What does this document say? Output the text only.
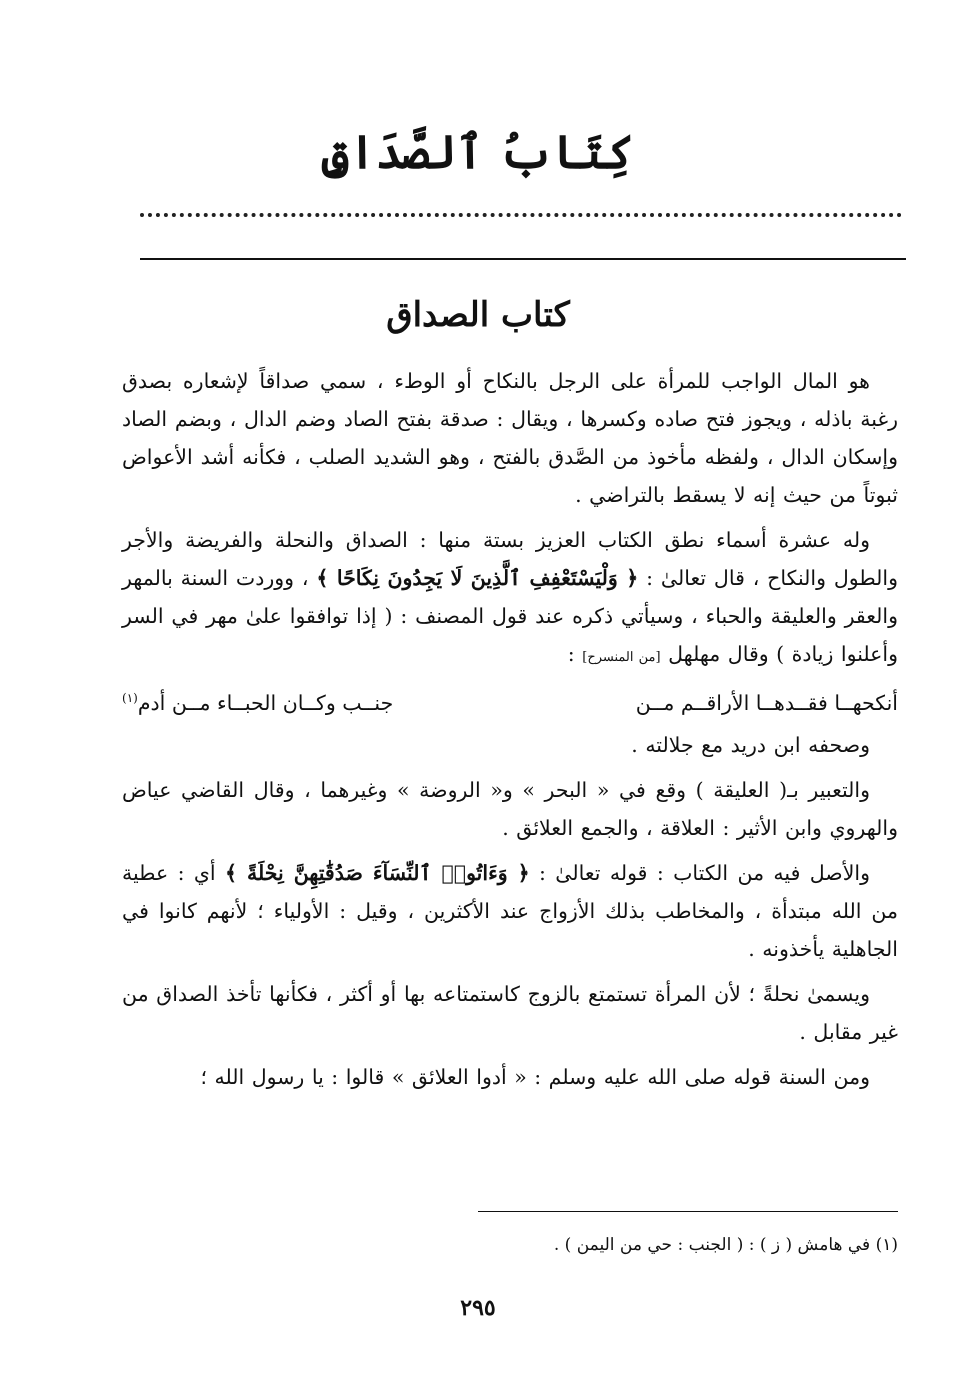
كِتَابُ ٱلصَّدَاقِ
كتاب الصداق

هو المال الواجب للمرأة على الرجل بالنكاح أو الوطء ، سمي صداقاً لإشعاره بصدق رغبة باذله ، ويجوز فتح صاده وكسرها ، ويقال : صدقة بفتح الصاد وضم الدال ، وبضم الصاد وإسكان الدال ، ولفظه مأخوذ من الصَّدق بالفتح ، وهو الشديد الصلب ، فكأنه أشد الأعواض ثبوتاً من حيث إنه لا يسقط بالتراضي .

وله عشرة أسماء نطق الكتاب العزيز بستة منها : الصداق والنحلة والفريضة والأجر والطول والنكاح ، قال تعالىٰ : ﴿ وَلْيَسْتَعْفِفِ ٱلَّذِينَ لَا يَجِدُونَ نِكَاحًا ﴾ ، ووردت السنة بالمهر والعقر والعليقة والحباء ، وسيأتي ذكره عند قول المصنف : ( إذا توافقوا علىٰ مهر في السر وأعلنوا زيادة ) وقال مهلهل [من المنسرح] :

أنكحهــا فقــدهــا الأراقــم مــن
جنــب وكــان الحبــاء مــن أدم$^{(١)}$

وصحفه ابن دريد مع جلالته .

والتعبير بـ( العليقة ) وقع في « البحر » و« الروضة » وغيرهما ، وقال القاضي عياض والهروي وابن الأثير : العلاقة ، والجمع العلائق .

والأصل فيه من الكتاب : قوله تعالىٰ : ﴿ وَءَاتُوا۟ ٱلنِّسَآءَ صَدُقَٰتِهِنَّ نِحْلَةً ﴾ أي : عطية من الله مبتدأة ، والمخاطب بذلك الأزواج عند الأكثرين ، وقيل : الأولياء ؛ لأنهم كانوا في الجاهلية يأخذونه .

ويسمىٰ نحلةً ؛ لأن المرأة تستمتع بالزوج كاستمتاعه بها أو أكثر ، فكأنها تأخذ الصداق من غير مقابل .

ومن السنة قوله صلى الله عليه وسلم : « أدوا العلائق » قالوا : يا رسول الله ؛

(١) في هامش ( ز ) : ( الجنب : حي من اليمن ) .

٢٩٥
